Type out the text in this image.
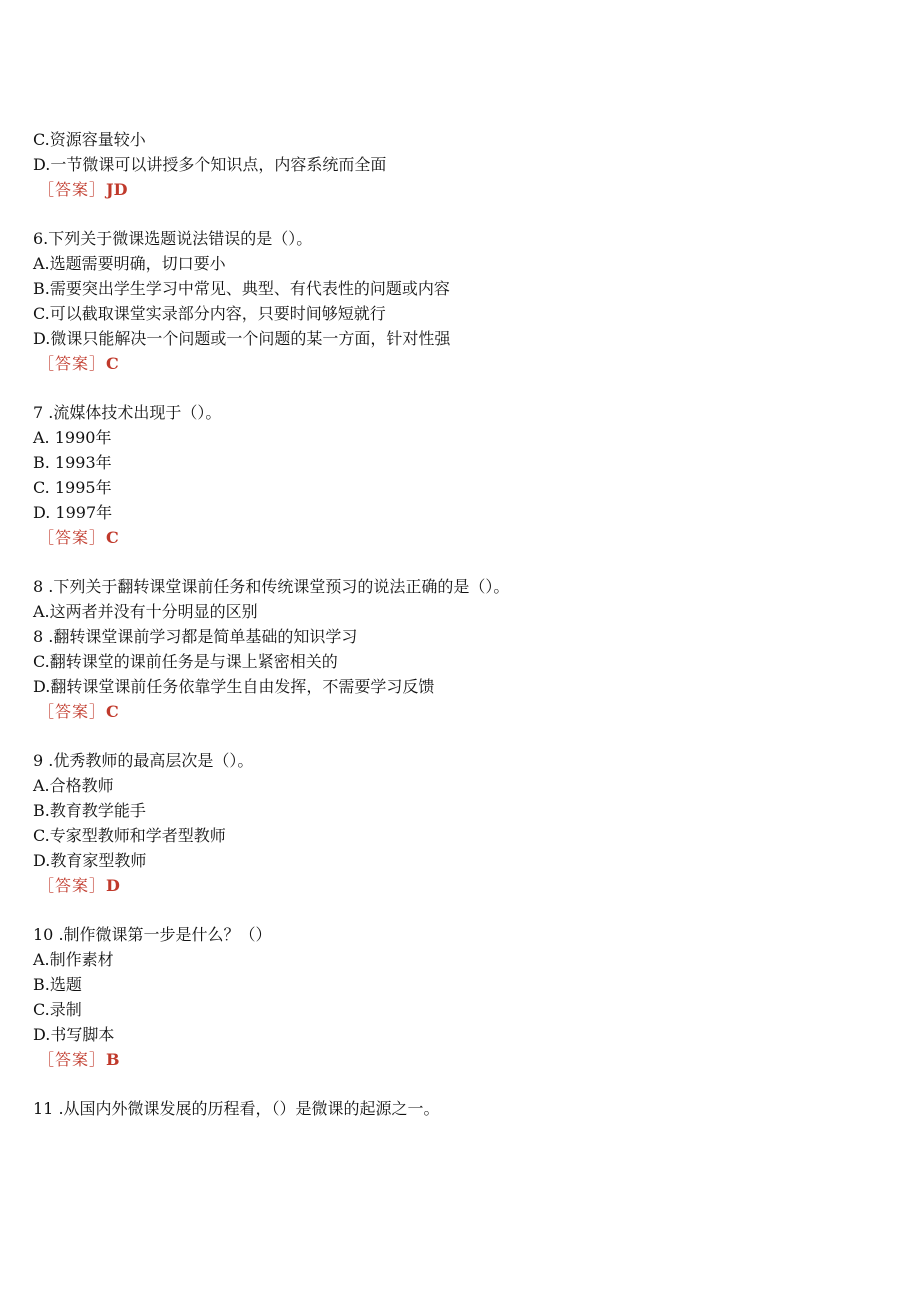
C.资源容量较小
D.一节微课可以讲授多个知识点，内容系统而全面
［答案］JD
6.下列关于微课选题说法错误的是（）。
A.选题需要明确，切口要小
B.需要突出学生学习中常见、典型、有代表性的问题或内容
C.可以截取课堂实录部分内容，只要时间够短就行
D.微课只能解决一个问题或一个问题的某一方面，针对性强
［答案］C
7 .流媒体技术出现于（）。
A. 1990年
B. 1993年
C. 1995年
D. 1997年
［答案］C
8 .下列关于翻转课堂课前任务和传统课堂预习的说法正确的是（）。
A.这两者并没有十分明显的区别
8 .翻转课堂课前学习都是简单基础的知识学习
C.翻转课堂的课前任务是与课上紧密相关的
D.翻转课堂课前任务依靠学生自由发挥，不需要学习反馈
［答案］C
9 .优秀教师的最高层次是（）。
A.合格教师
B.教育教学能手
C.专家型教师和学者型教师
D.教育家型教师
［答案］D
10 .制作微课第一步是什么？（）
A.制作素材
B.选题
C.录制
D.书写脚本
［答案］B
11 .从国内外微课发展的历程看，（）是微课的起源之一。
